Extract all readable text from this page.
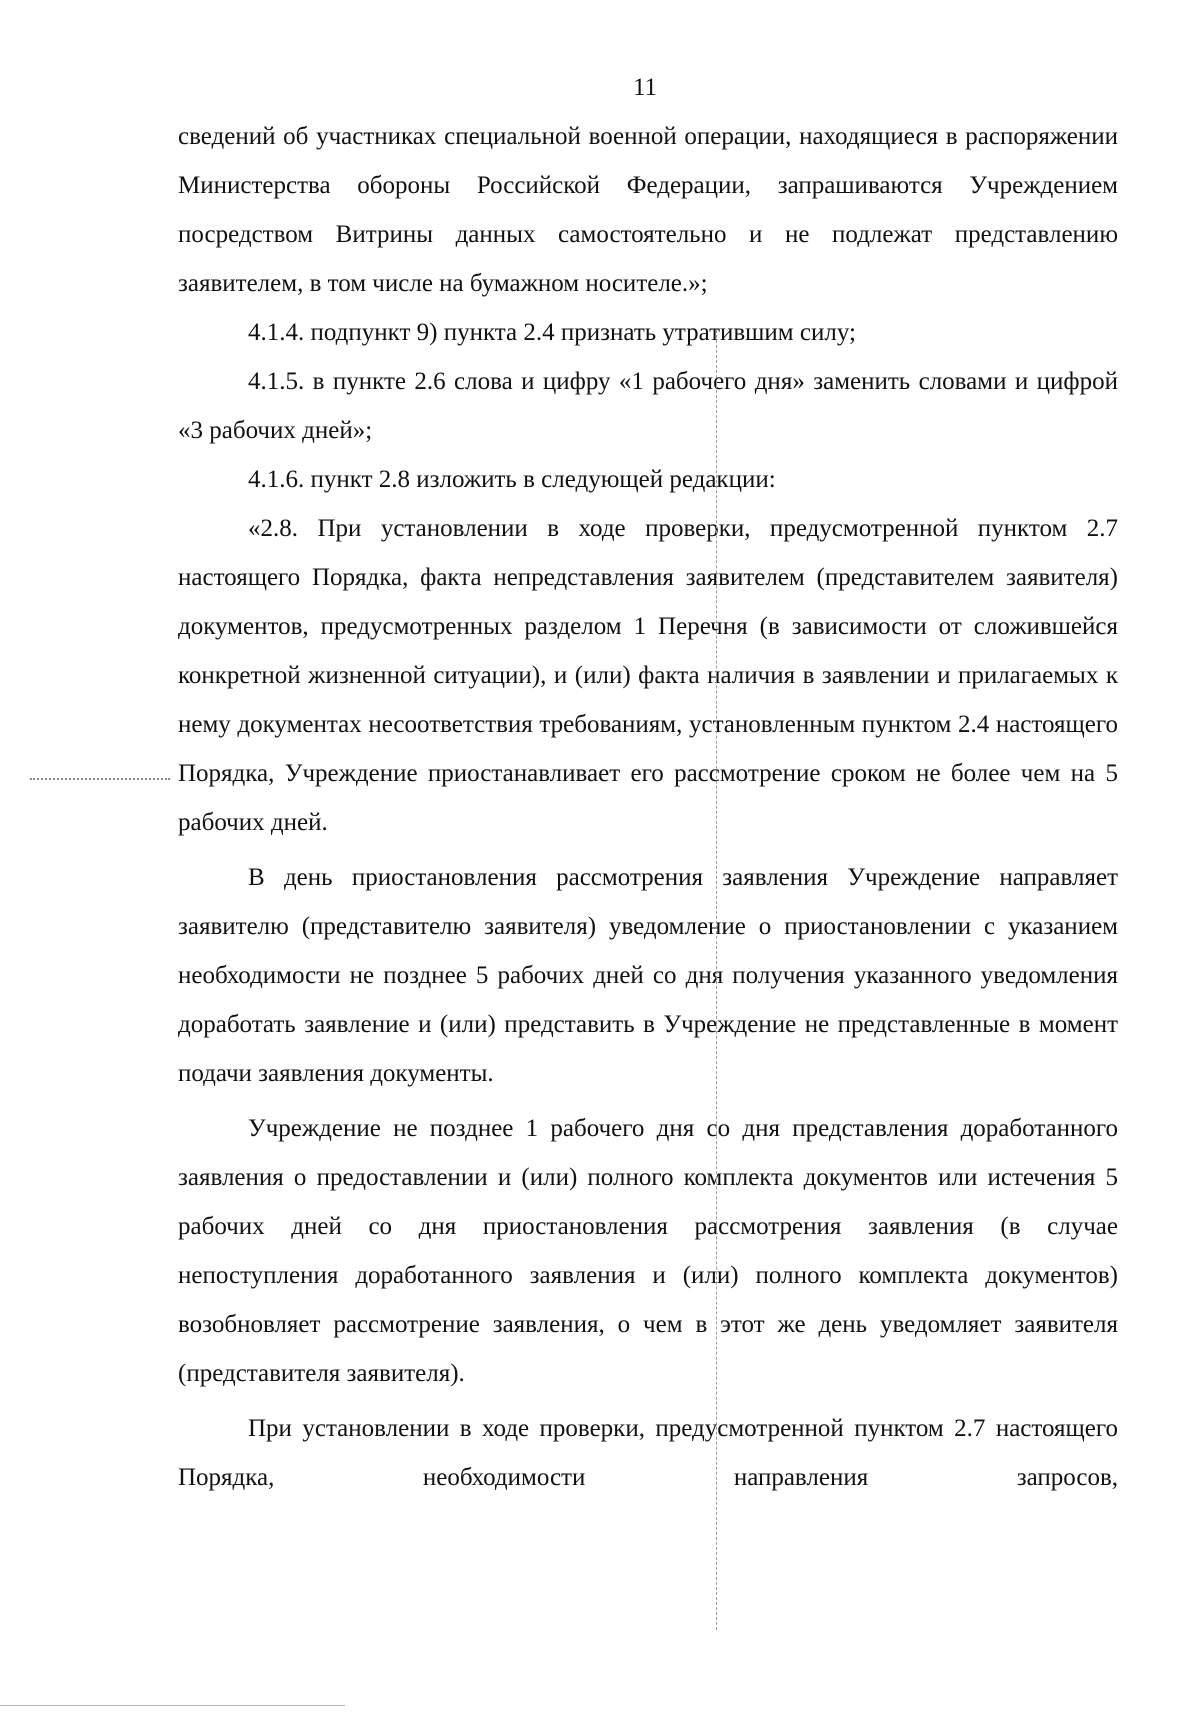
11

сведений об участниках специальной военной операции, находящиеся в распоряжении Министерства обороны Российской Федерации, запрашиваются Учреждением посредством Витрины данных самостоятельно и не подлежат представлению заявителем, в том числе на бумажном носителе.»;

4.1.4. подпункт 9) пункта 2.4 признать утратившим силу;

4.1.5. в пункте 2.6 слова и цифру «1 рабочего дня» заменить словами и цифрой «3 рабочих дней»;

4.1.6. пункт 2.8 изложить в следующей редакции:

«2.8. При установлении в ходе проверки, предусмотренной пунктом 2.7 настоящего Порядка, факта непредставления заявителем (представителем заявителя) документов, предусмотренных разделом 1 Перечня (в зависимости от сложившейся конкретной жизненной ситуации), и (или) факта наличия в заявлении и прилагаемых к нему документах несоответствия требованиям, установленным пунктом 2.4 настоящего Порядка, Учреждение приостанавливает его рассмотрение сроком не более чем на 5 рабочих дней.

В день приостановления рассмотрения заявления Учреждение направляет заявителю (представителю заявителя) уведомление о приостановлении с указанием необходимости не позднее 5 рабочих дней со дня получения указанного уведомления доработать заявление и (или) представить в Учреждение не представленные в момент подачи заявления документы.

Учреждение не позднее 1 рабочего дня со дня представления доработанного заявления о предоставлении и (или) полного комплекта документов или истечения 5 рабочих дней со дня приостановления рассмотрения заявления (в случае непоступления доработанного заявления и (или) полного комплекта документов) возобновляет рассмотрение заявления, о чем в этот же день уведомляет заявителя (представителя заявителя).

При установлении в ходе проверки, предусмотренной пунктом 2.7 настоящего Порядка, необходимости направления запросов,
